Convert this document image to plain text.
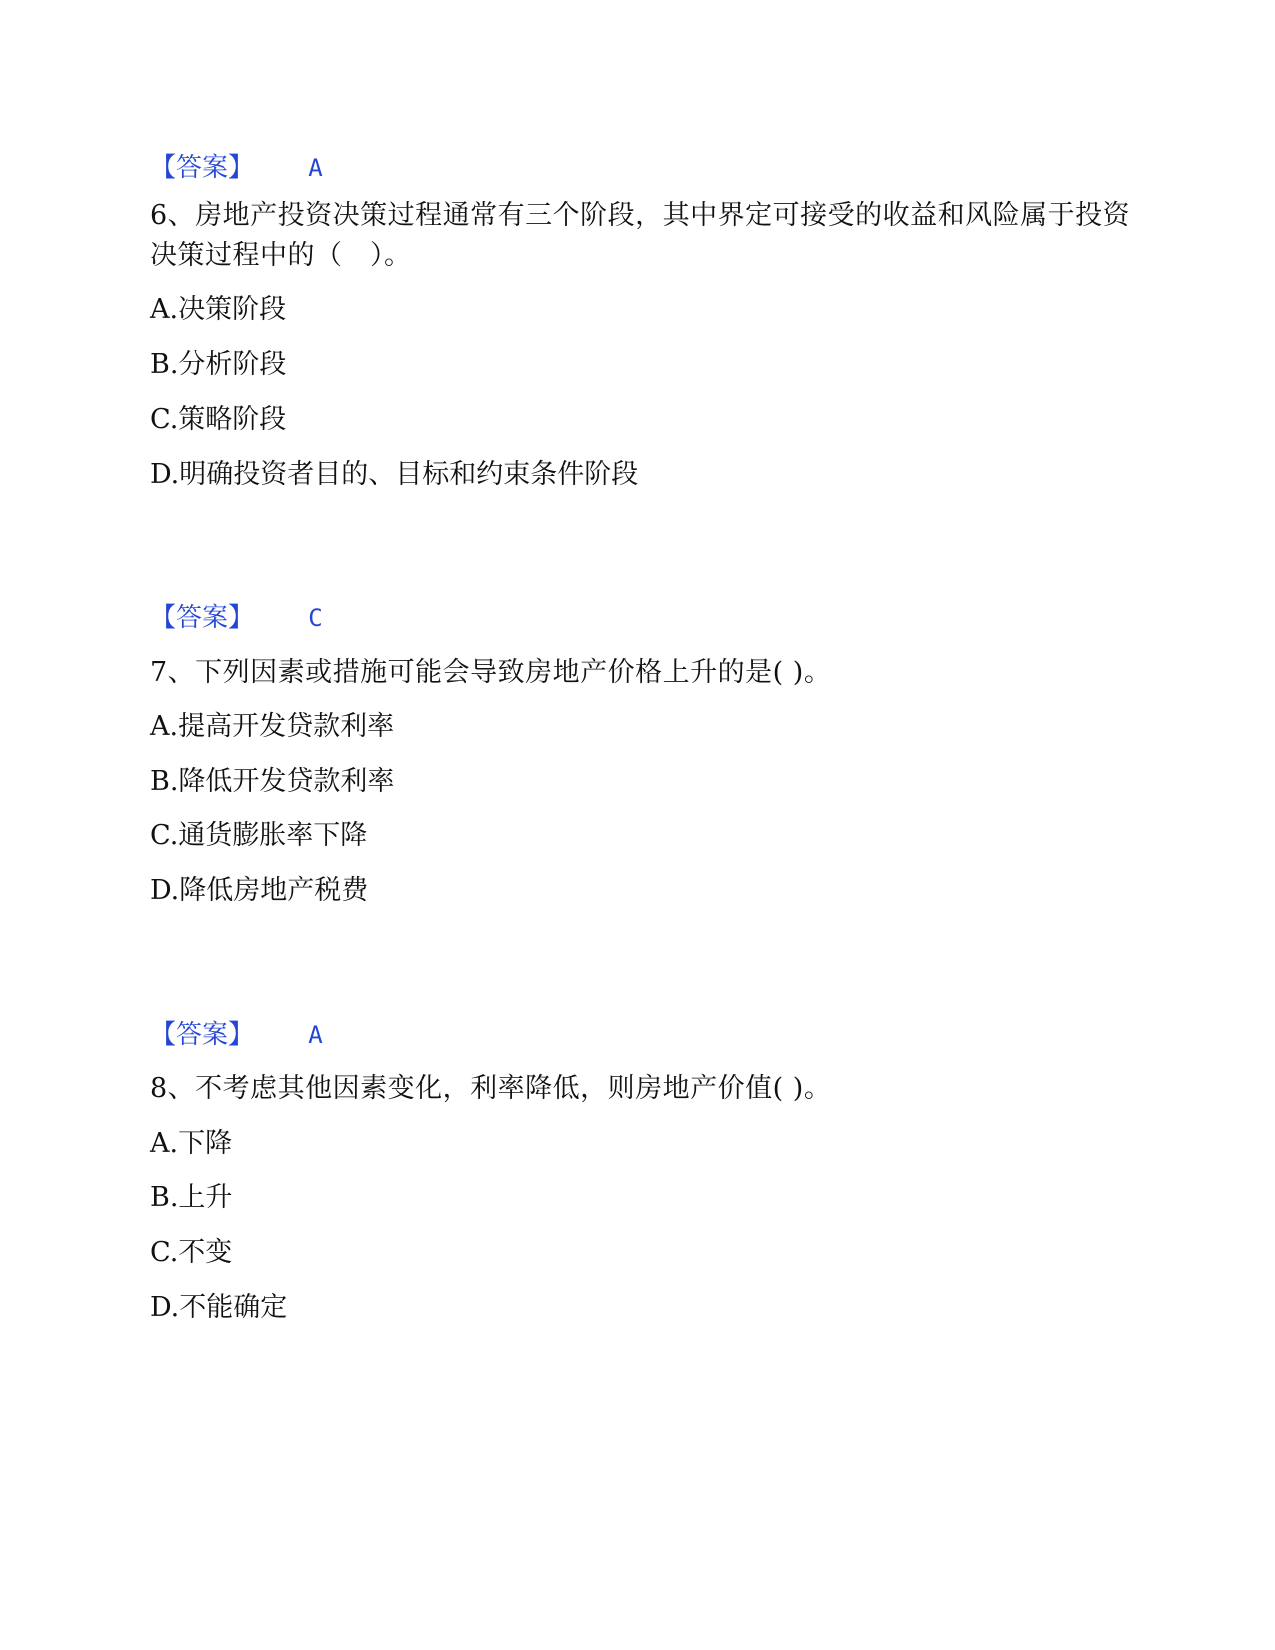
【答案】 A
6、房地产投资决策过程通常有三个阶段，其中界定可接受的收益和风险属于投资决策过程中的（　）。
A.决策阶段
B.分析阶段
C.策略阶段
D.明确投资者目的、目标和约束条件阶段
【答案】 C
7、下列因素或措施可能会导致房地产价格上升的是( )。
A.提高开发贷款利率
B.降低开发贷款利率
C.通货膨胀率下降
D.降低房地产税费
【答案】 A
8、不考虑其他因素变化，利率降低，则房地产价值( )。
A.下降
B.上升
C.不变
D.不能确定
